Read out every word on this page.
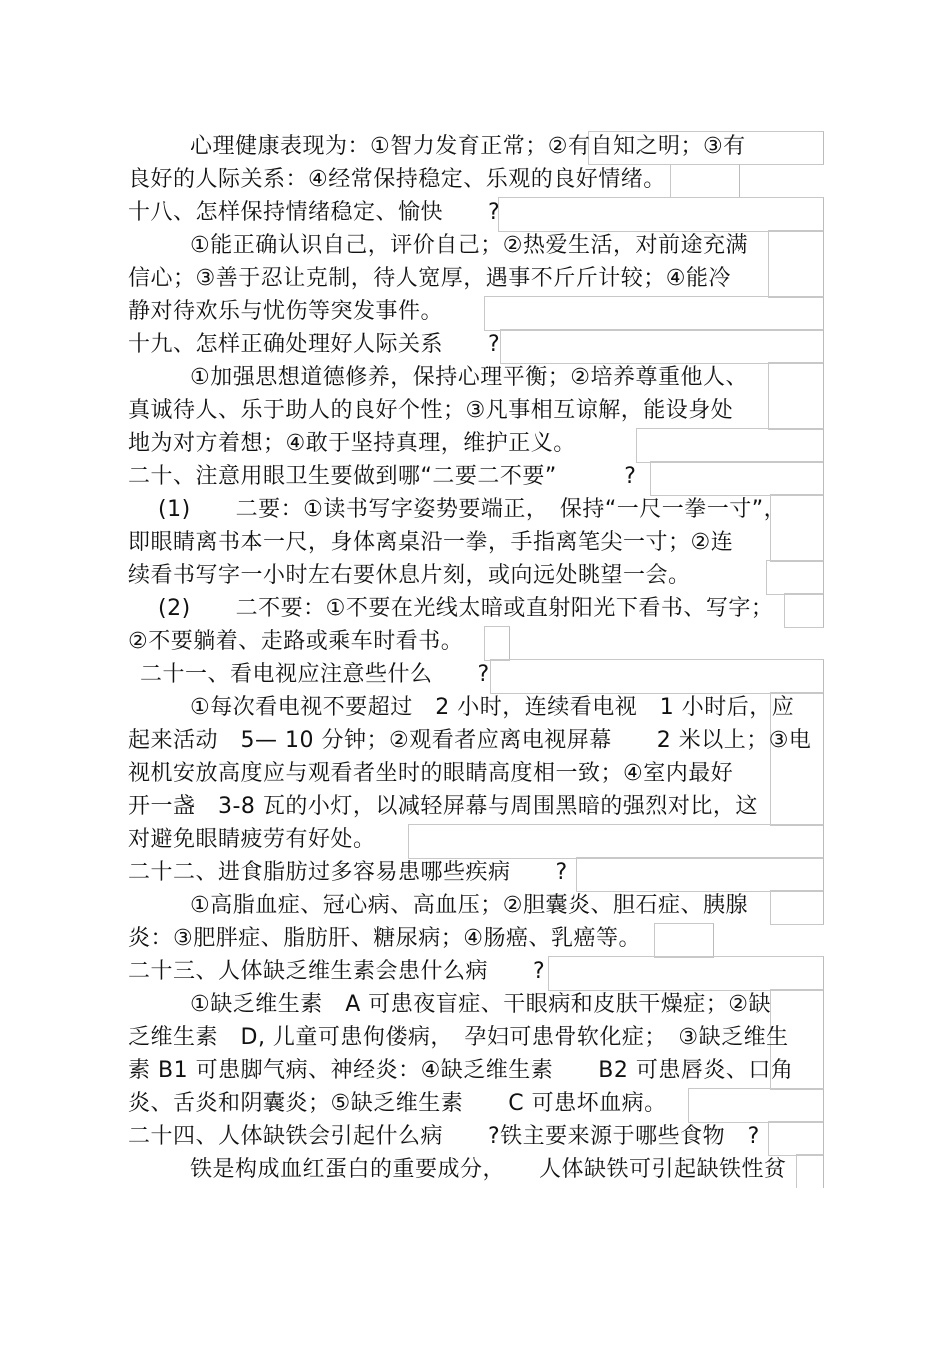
心理健康表现为：①智力发育正常；②有自知之明；③有
良好的人际关系：④经常保持稳定、乐观的良好情绪。
十八、怎样保持情绪稳定、愉快　　?
①能正确认识自己，评价自己；②热爱生活，对前途充满
信心；③善于忍让克制，待人宽厚，遇事不斤斤计较；④能冷
静对待欢乐与忧伤等突发事件。
十九、怎样正确处理好人际关系　　?
①加强思想道德修养，保持心理平衡；②培养尊重他人、
真诚待人、乐于助人的良好个性；③凡事相互谅解，能设身处
地为对方着想；④敢于坚持真理，维护正义。
二十、注意用眼卫生要做到哪“二要二不要”　　　?
(1)　　二要：①读书写字姿势要端正，　保持“一尺一拳一寸”，
即眼睛离书本一尺，身体离桌沿一拳，手指离笔尖一寸；②连
续看书写字一小时左右要休息片刻，或向远处眺望一会。
(2)　　二不要：①不要在光线太暗或直射阳光下看书、写字；
②不要躺着、走路或乘车时看书。
二十一、看电视应注意些什么　　?
①每次看电视不要超过　2 小时，连续看电视　1 小时后，应
起来活动　5— 10 分钟；②观看者应离电视屏幕　　2 米以上；③电
视机安放高度应与观看者坐时的眼睛高度相一致；④室内最好
开一盏　3-8 瓦的小灯，以减轻屏幕与周围黑暗的强烈对比，这
对避免眼睛疲劳有好处。
二十二、进食脂肪过多容易患哪些疾病　　?
①高脂血症、冠心病、高血压；②胆囊炎、胆石症、胰腺
炎：③肥胖症、脂肪肝、糖尿病；④肠癌、乳癌等。
二十三、人体缺乏维生素会患什么病　　?
①缺乏维生素　A 可患夜盲症、干眼病和皮肤干燥症；②缺
乏维生素　D, 儿童可患佝偻病，　孕妇可患骨软化症；　③缺乏维生
素 B1 可患脚气病、神经炎：④缺乏维生素　　B2 可患唇炎、口角
炎、舌炎和阴囊炎；⑤缺乏维生素　　C 可患坏血病。
二十四、人体缺铁会引起什么病　　?铁主要来源于哪些食物　?
铁是构成血红蛋白的重要成分，　　人体缺铁可引起缺铁性贫
